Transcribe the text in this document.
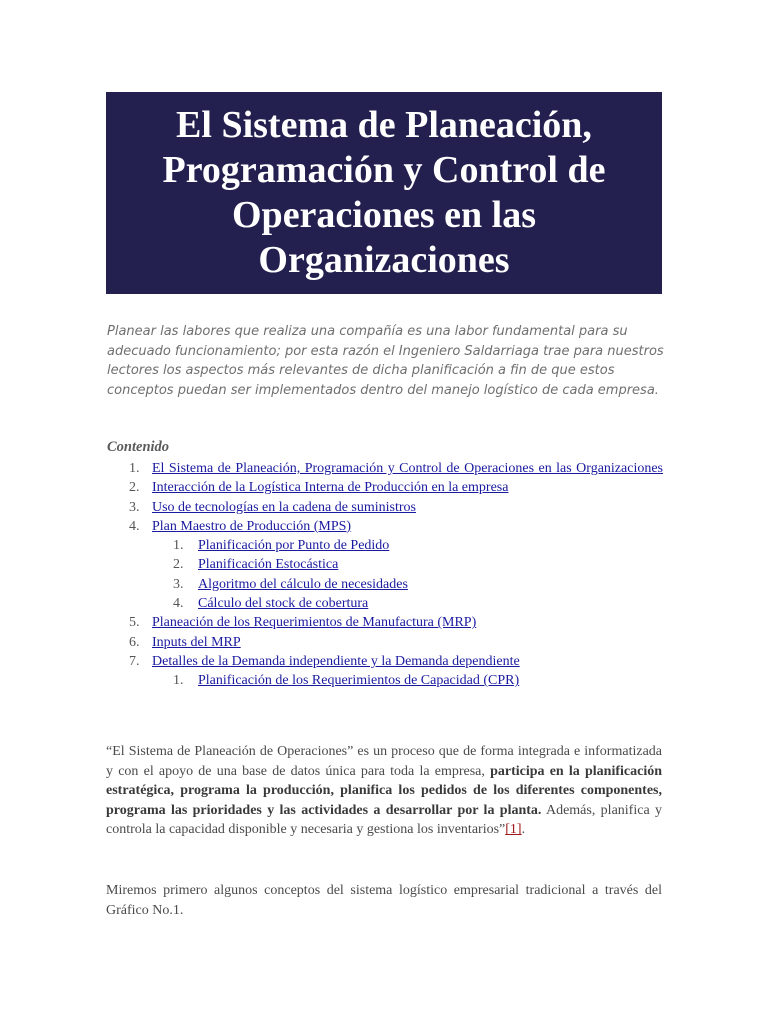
El Sistema de Planeación, Programación y Control de Operaciones en las Organizaciones

Planear las labores que realiza una compañía es una labor fundamental para su adecuado funcionamiento; por esta razón el Ingeniero Saldarriaga trae para nuestros lectores los aspectos más relevantes de dicha planificación a fin de que estos conceptos puedan ser implementados dentro del manejo logístico de cada empresa.

Contenido
1. El Sistema de Planeación, Programación y Control de Operaciones en las Organizaciones
2. Interacción de la Logística Interna de Producción en la empresa
3. Uso de tecnologías en la cadena de suministros
4. Plan Maestro de Producción (MPS)
1. Planificación por Punto de Pedido
2. Planificación Estocástica
3. Algoritmo del cálculo de necesidades
4. Cálculo del stock de cobertura
5. Planeación de los Requerimientos de Manufactura (MRP)
6. Inputs del MRP
7. Detalles de la Demanda independiente y la Demanda dependiente
1. Planificación de los Requerimientos de Capacidad (CPR)

“El Sistema de Planeación de Operaciones” es un proceso que de forma integrada e informatizada y con el apoyo de una base de datos única para toda la empresa, participa en la planificación estratégica, programa la producción, planifica los pedidos de los diferentes componentes, programa las prioridades y las actividades a desarrollar por la planta. Además, planifica y controla la capacidad disponible y necesaria y gestiona los inventarios”[1].

Miremos primero algunos conceptos del sistema logístico empresarial tradicional a través del Gráfico No.1.
